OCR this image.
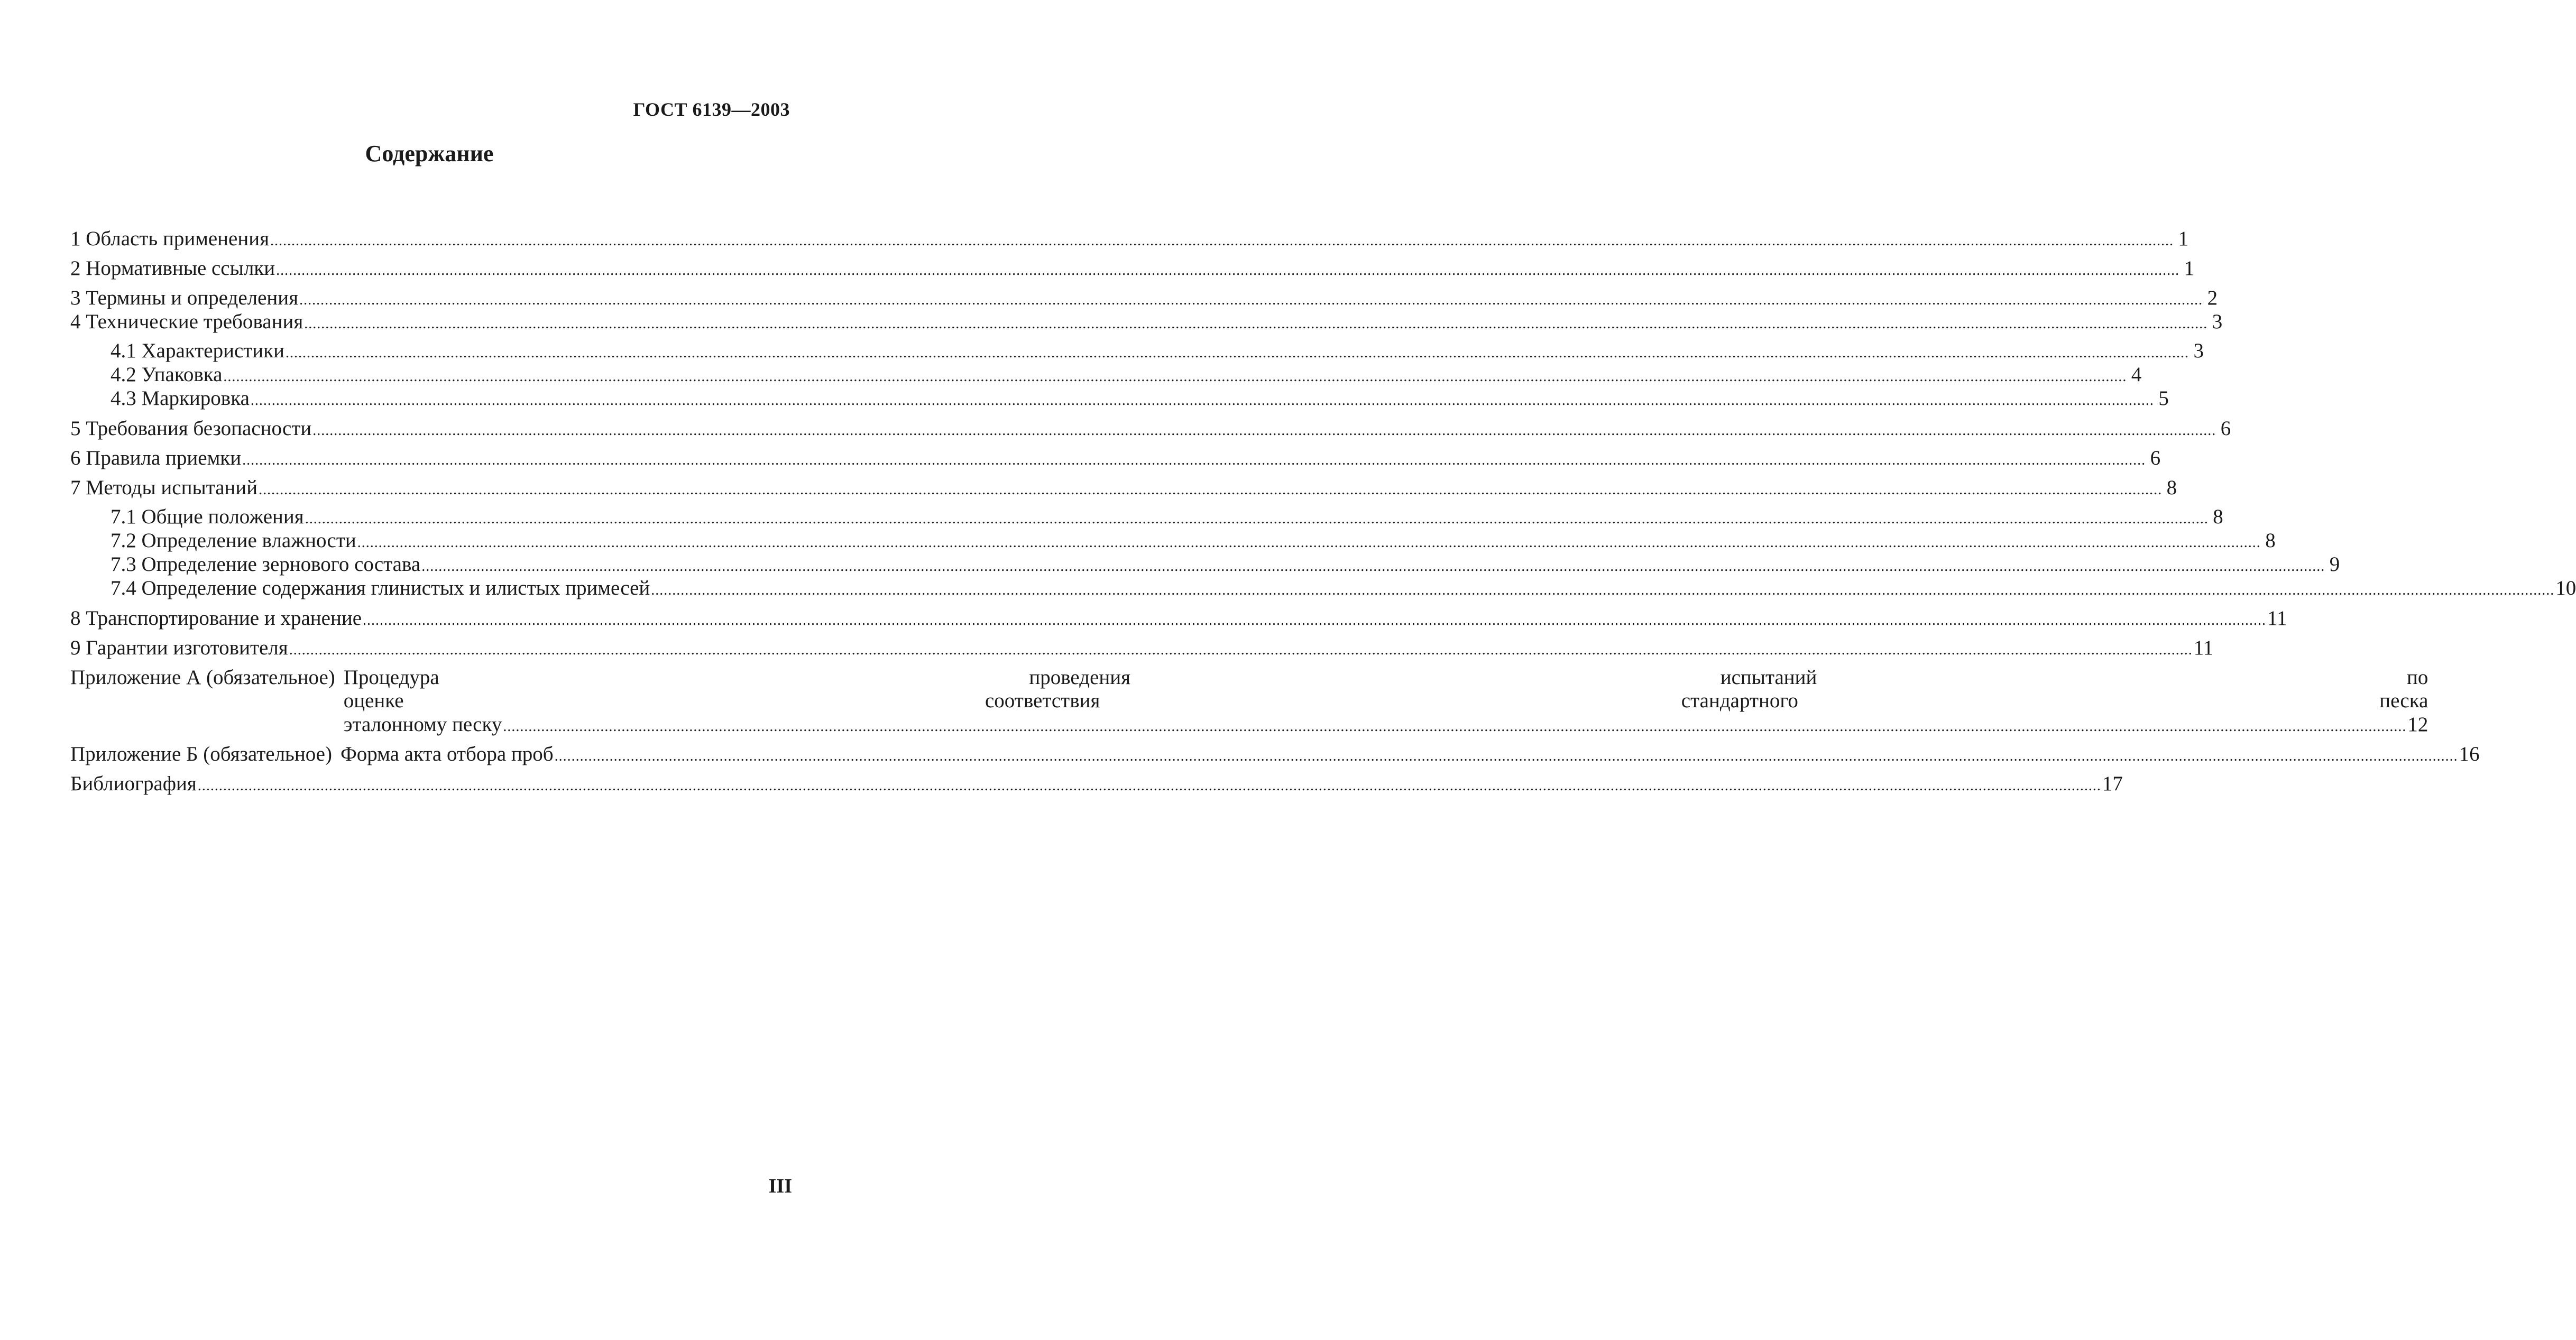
ГОСТ 6139—2003
Содержание
1 Область применения .....	1
2 Нормативные ссылки .....	1
3 Термины и определения .....	2
4 Технические требования .....	3
4.1 Характеристики .....	3
4.2 Упаковка .....	4
4.3 Маркировка .....	5
5 Требования безопасности .....	6
6 Правила приемки .....	6
7 Методы испытаний .....	8
7.1 Общие положения .....	8
7.2 Определение влажности .....	8
7.3 Определение зернового состава .....	9
7.4 Определение содержания глинистых и илистых примесей .....	10
8 Транспортирование и хранение .....	11
9 Гарантии изготовителя .....	11
Приложение А (обязательное) Процедура проведения испытаний по
оценке соответствия стандартного песка
эталонному песку .....	12
Приложение Б (обязательное) Форма акта отбора проб .....	16
Библиография .....	17
III
